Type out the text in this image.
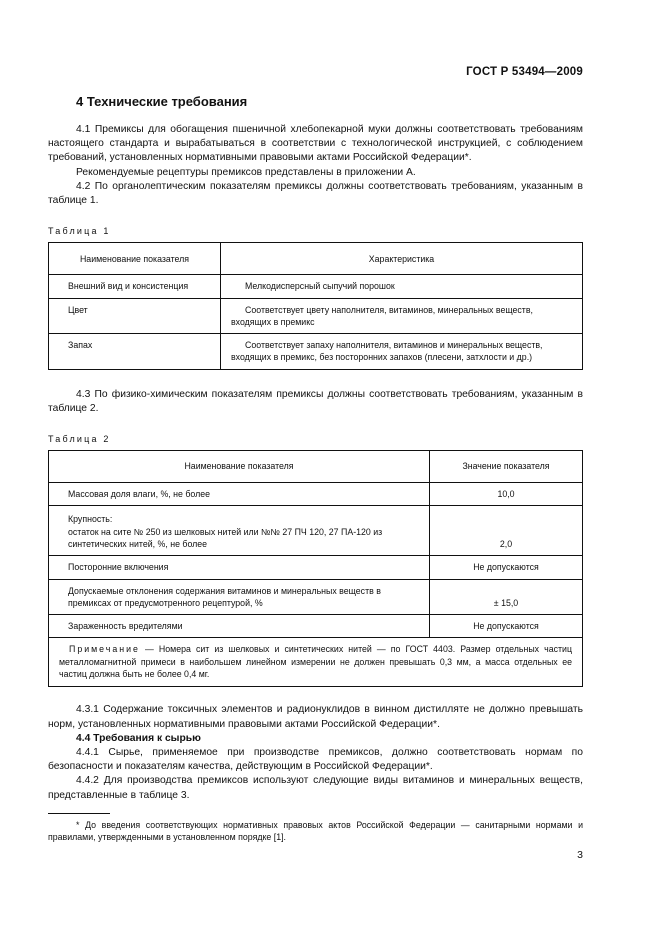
ГОСТ Р 53494—2009
4 Технические требования

4.1 Премиксы для обогащения пшеничной хлебопекарной муки должны соответствовать требованиям настоящего стандарта и вырабатываться в соответствии с технологической инструкцией, с соблюдением требований, установленных нормативными правовыми актами Российской Федерации*.

Рекомендуемые рецептуры премиксов представлены в приложении А.

4.2 По органолептическим показателям премиксы должны соответствовать требованиям, указанным в таблице 1.

Таблица 1
Наименование показателя	Характеристика
Внешний вид и консистенция	Мелкодисперсный сыпучий порошок

Цвет	Соответствует цвету наполнителя, витаминов, минеральных веществ, входящих в премикс

Запах	Соответствует запаху наполнителя, витаминов и минеральных веществ, входящих в премикс, без посторонних запахов (плесени, затхлости и др.)

4.3 По физико-химическим показателям премиксы должны соответствовать требованиям, указанным в таблице 2.

Таблица 2
Наименование показателя	Значение показателя
Массовая доля влаги, %, не более	10,0

Крупность:
остаток на сите № 250 из шелковых нитей или №№ 27 ПЧ 120, 27 ПА-120 из синтетических нитей, %, не более	2,0
Посторонние включения	Не допускаются
Допускаемые отклонения содержания витаминов и минеральных веществ в премиксах от предусмотренного рецептурой, %	± 15,0
Зараженность вредителями	Не допускаются

Примечание — Номера сит из шелковых и синтетических нитей — по ГОСТ 4403. Размер отдельных частиц металломагнитной примеси в наибольшем линейном измерении не должен превышать 0,3 мм, а масса отдельных ее частиц должна быть не более 0,4 мг.	

4.3.1 Содержание токсичных элементов и радионуклидов в винном дистилляте не должно превышать норм, установленных нормативными правовыми актами Российской Федерации*.

4.4 Требования к сырью

4.4.1 Сырье, применяемое при производстве премиксов, должно соответствовать нормам по безопасности и показателям качества, действующим в Российской Федерации*.

4.4.2 Для производства премиксов используют следующие виды витаминов и минеральных веществ, представленные в таблице 3.

* До введения соответствующих нормативных правовых актов Российской Федерации — санитарными нормами и правилами, утвержденными в установленном порядке [1].

3
